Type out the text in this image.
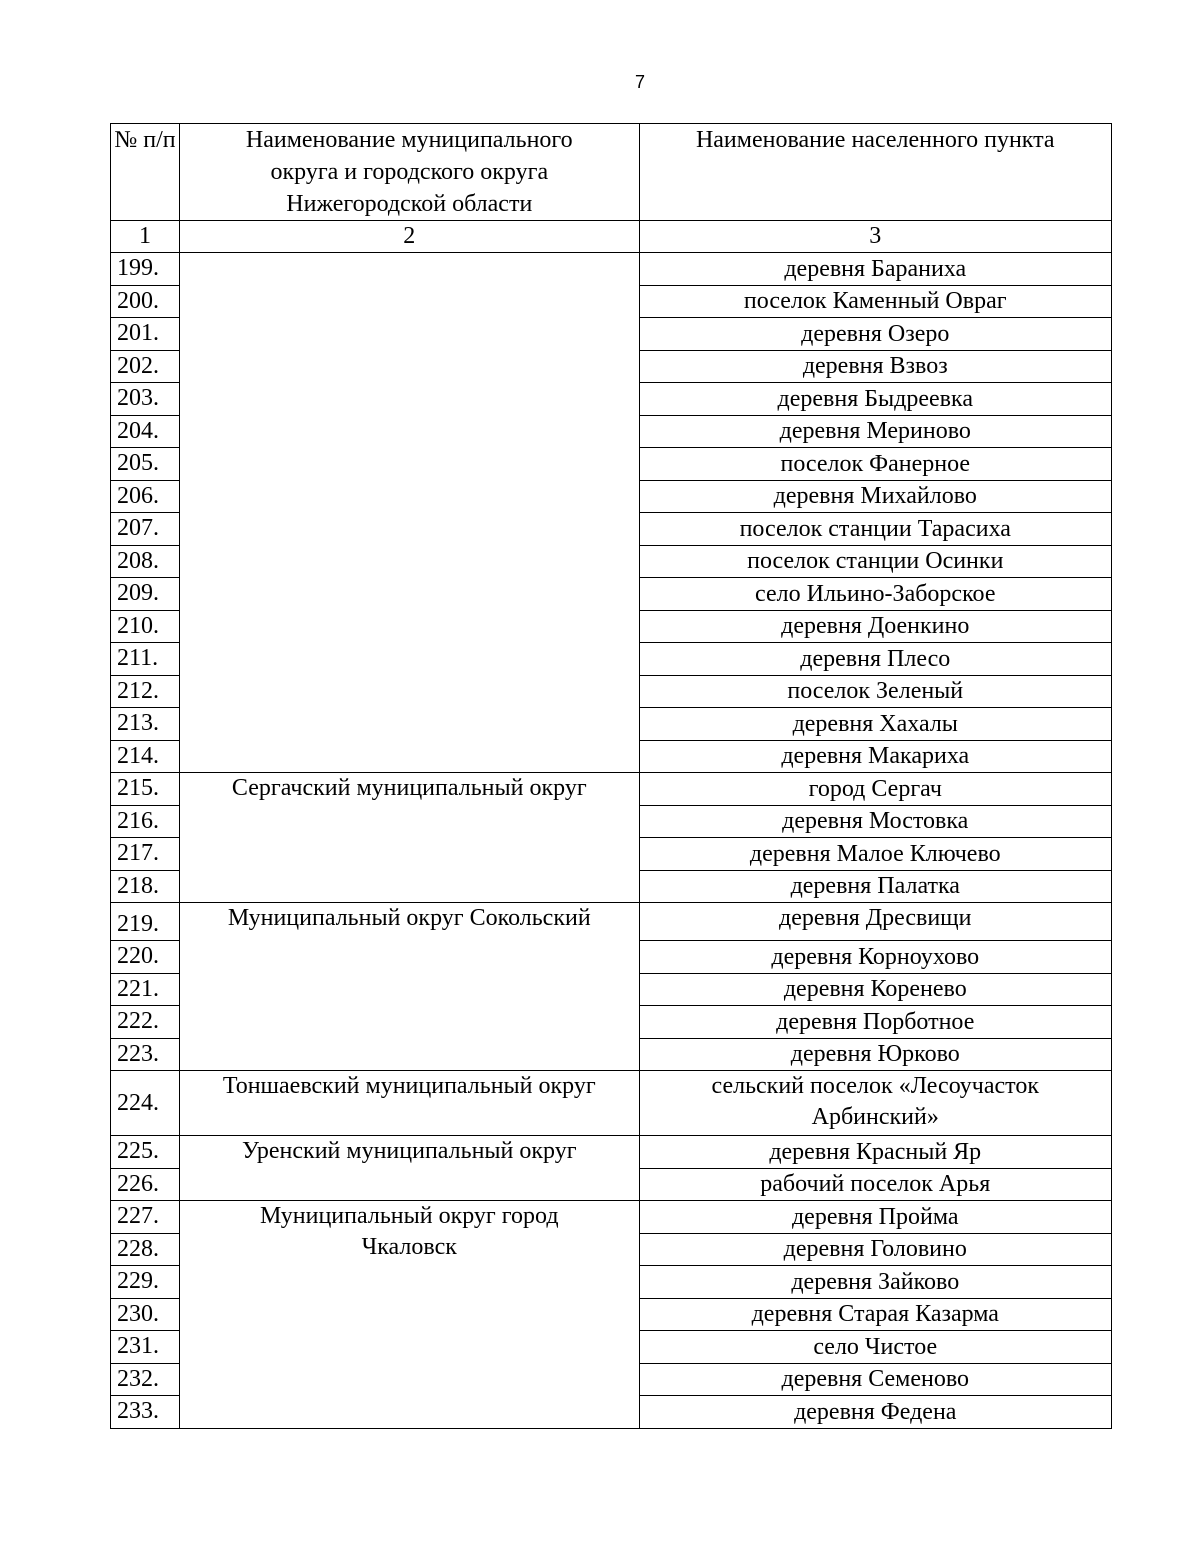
7
№ п/п	Наименование муниципального округа и городского округа Нижегородской области	Наименование населенного пункта
1	2	3
199.		деревня Бараниха
200.		поселок Каменный Овраг
201.		деревня Озеро
202.		деревня Взвоз
203.		деревня Быдреевка
204.		деревня Мериново
205.		поселок Фанерное
206.		деревня Михайлово
207.		поселок станции Тарасиха
208.		поселок станции Осинки
209.		село Ильино-Заборское
210.		деревня Доенкино
211.		деревня Плесо
212.		поселок Зеленый
213.		деревня Хахалы
214.		деревня Макариха
215.	Сергачский муниципальный округ	город Сергач
216.		деревня Мостовка
217.		деревня Малое Ключево
218.		деревня Палатка
219.	Муниципальный округ Сокольский	деревня Дресвищи
220.		деревня Корноухово
221.		деревня Коренево
222.		деревня Порботное
223.		деревня Юрково
224.	Тоншаевский муниципальный округ	сельский поселок «Лесоучасток Арбинский»
225.	Уренский муниципальный округ	деревня Красный Яр
226.		рабочий поселок Арья
227.	Муниципальный округ город Чкаловск	деревня Пройма
228.		деревня Головино
229.		деревня Зайково
230.		деревня Старая Казарма
231.		село Чистое
232.		деревня Семеново
233.		деревня Федена
